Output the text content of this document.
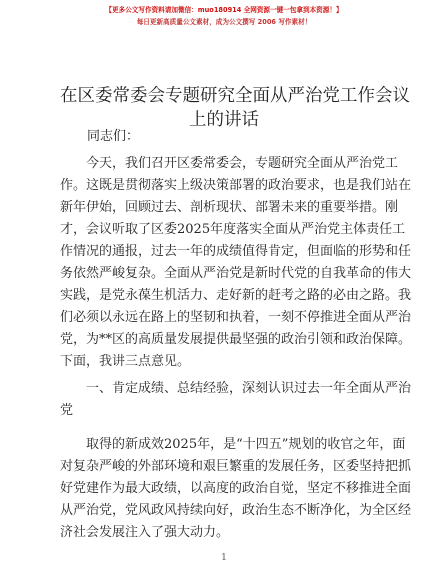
【更多公文写作资料请加微信：muo180914 全网资源一键一包拿到本资源！】
每日更新高质量公文素材，成为公文撰写 2006 写作素材！
在区委常委会专题研究全面从严治党工作会议
上的讲话
同志们：
今天，我们召开区委常委会，专题研究全面从严治党工
作。这既是贯彻落实上级决策部署的政治要求，也是我们站在
新年伊始，回顾过去、剖析现状、部署未来的重要举措。刚
才，会议听取了区委2025年度落实全面从严治党主体责任工
作情况的通报，过去一年的成绩值得肯定，但面临的形势和任
务依然严峻复杂。全面从严治党是新时代党的自我革命的伟大
实践，是党永葆生机活力、走好新的赶考之路的必由之路。我
们必须以永远在路上的坚韧和执着，一刻不停推进全面从严治
党，为**区的高质量发展提供最坚强的政治引领和政治保障。
下面，我讲三点意见。
一、肯定成绩、总结经验，深刻认识过去一年全面从严治
党
取得的新成效2025年，是“十四五”规划的收官之年，面
对复杂严峻的外部环境和艰巨繁重的发展任务，区委坚持把抓
好党建作为最大政绩，以高度的政治自觉，坚定不移推进全面
从严治党，党风政风持续向好，政治生态不断净化，为全区经
济社会发展注入了强大动力。
1
